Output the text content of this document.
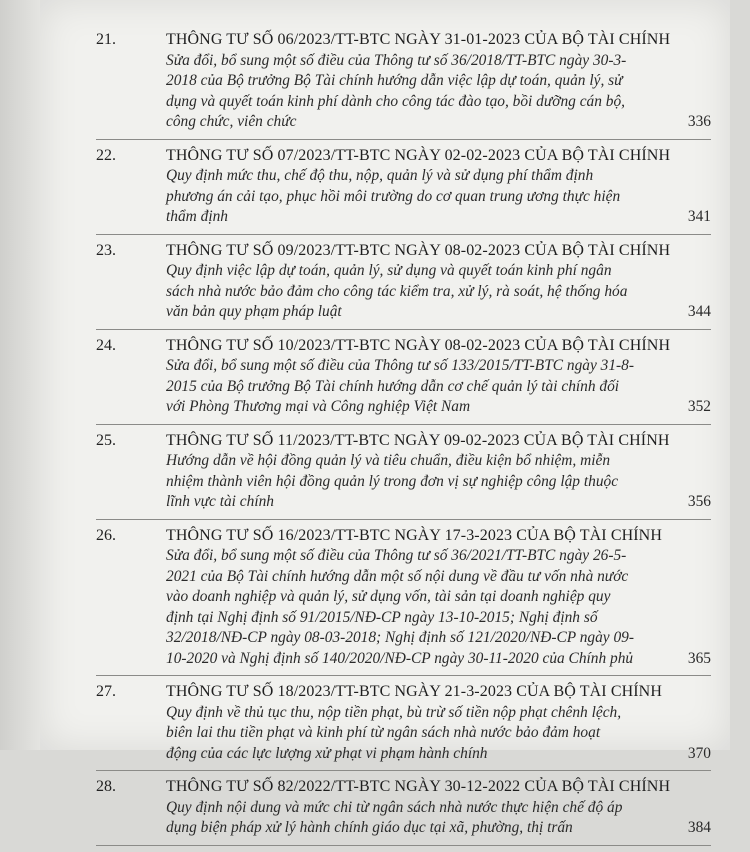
21.	THÔNG TƯ SỐ 06/2023/TT-BTC NGÀY 31-01-2023 CỦA BỘ TÀI CHÍNH
Sửa đổi, bổ sung một số điều của Thông tư số 36/2018/TT-BTC ngày 30-3-
2018 của Bộ trưởng Bộ Tài chính hướng dẫn việc lập dự toán, quản lý, sử
dụng và quyết toán kinh phí dành cho công tác đào tạo, bồi dưỡng cán bộ,
công chức, viên chức	336
22.	THÔNG TƯ SỐ 07/2023/TT-BTC NGÀY 02-02-2023 CỦA BỘ TÀI CHÍNH
Quy định mức thu, chế độ thu, nộp, quản lý và sử dụng phí thẩm định
phương án cải tạo, phục hồi môi trường do cơ quan trung ương thực hiện
thẩm định	341
23.	THÔNG TƯ SỐ 09/2023/TT-BTC NGÀY 08-02-2023 CỦA BỘ TÀI CHÍNH
Quy định việc lập dự toán, quản lý, sử dụng và quyết toán kinh phí ngân
sách nhà nước bảo đảm cho công tác kiểm tra, xử lý, rà soát, hệ thống hóa
văn bản quy phạm pháp luật	344
24.	THÔNG TƯ SỐ 10/2023/TT-BTC NGÀY 08-02-2023 CỦA BỘ TÀI CHÍNH
Sửa đổi, bổ sung một số điều của Thông tư số 133/2015/TT-BTC ngày 31-8-
2015 của Bộ trưởng Bộ Tài chính hướng dẫn cơ chế quản lý tài chính đối
với Phòng Thương mại và Công nghiệp Việt Nam	352
25.	THÔNG TƯ SỐ 11/2023/TT-BTC NGÀY 09-02-2023 CỦA BỘ TÀI CHÍNH
Hướng dẫn về hội đồng quản lý và tiêu chuẩn, điều kiện bổ nhiệm, miễn
nhiệm thành viên hội đồng quản lý trong đơn vị sự nghiệp công lập thuộc
lĩnh vực tài chính	356
26.	THÔNG TƯ SỐ 16/2023/TT-BTC NGÀY 17-3-2023 CỦA BỘ TÀI CHÍNH
Sửa đổi, bổ sung một số điều của Thông tư số 36/2021/TT-BTC ngày 26-5-
2021 của Bộ Tài chính hướng dẫn một số nội dung về đầu tư vốn nhà nước
vào doanh nghiệp và quản lý, sử dụng vốn, tài sản tại doanh nghiệp quy
định tại Nghị định số 91/2015/NĐ-CP ngày 13-10-2015; Nghị định số
32/2018/NĐ-CP ngày 08-03-2018; Nghị định số 121/2020/NĐ-CP ngày 09-
10-2020 và Nghị định số 140/2020/NĐ-CP ngày 30-11-2020 của Chính phủ	365
27.	THÔNG TƯ SỐ 18/2023/TT-BTC NGÀY 21-3-2023 CỦA BỘ TÀI CHÍNH
Quy định về thủ tục thu, nộp tiền phạt, bù trừ số tiền nộp phạt chênh lệch,
biên lai thu tiền phạt và kinh phí từ ngân sách nhà nước bảo đảm hoạt
động của các lực lượng xử phạt vi phạm hành chính	370
28.	THÔNG TƯ SỐ 82/2022/TT-BTC NGÀY 30-12-2022 CỦA BỘ TÀI CHÍNH
Quy định nội dung và mức chi từ ngân sách nhà nước thực hiện chế độ áp
dụng biện pháp xử lý hành chính giáo dục tại xã, phường, thị trấn	384
